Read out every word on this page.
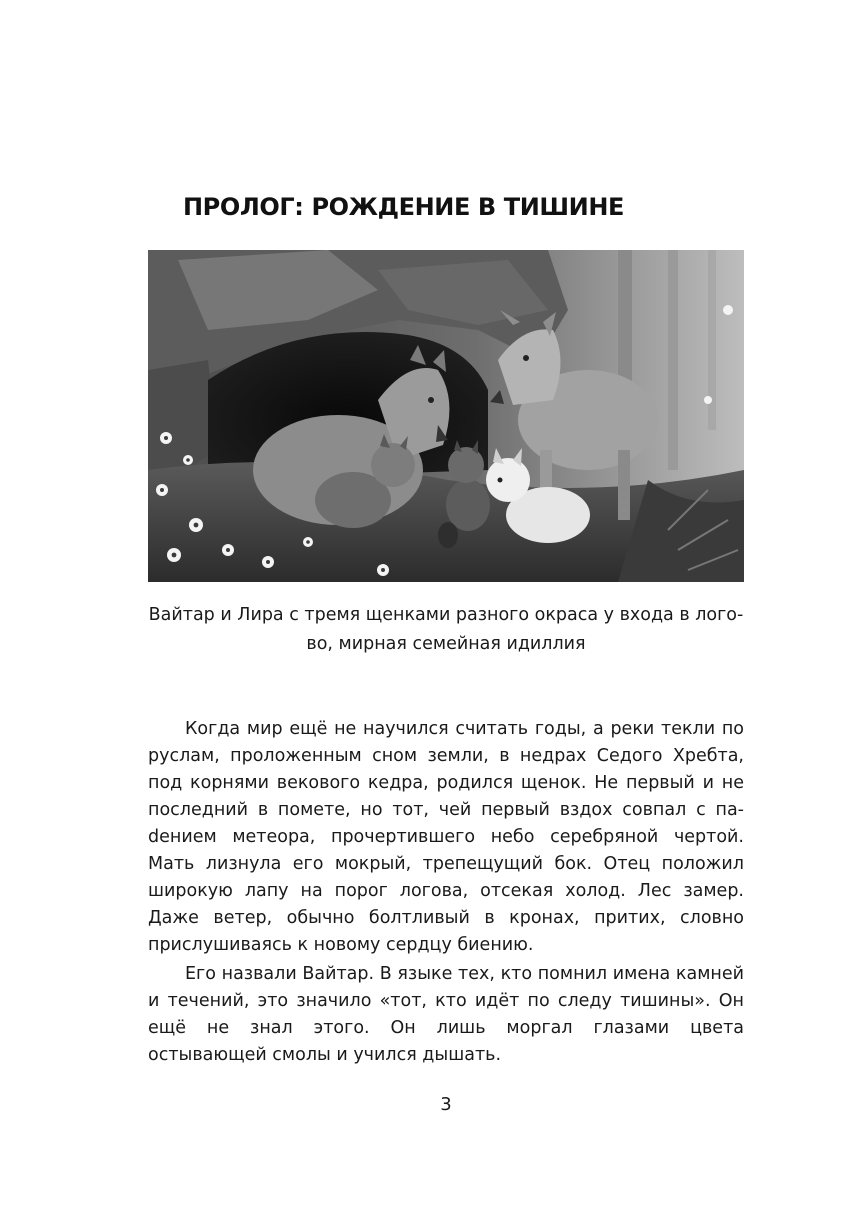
ПРОЛОГ: РОЖДЕНИЕ В ТИШИНЕ

Вайтар и Лира с тремя щенками разного окраса у входа в лого-
во, мирная семейная идиллия

Когда мир ещё не научился считать годы, а реки текли по руслам, проложенным сном земли, в недрах Седого Хребта, под корнями векового кедра, родился щенок. Не первый и не последний в помете, но тот, чей первый вздох совпал с паdением метеора, прочертившего небо серебряной чертой. Мать лизнула его мокрый, трепещущий бок. Отец положил широкую лапу на порог логова, отсекая холод. Лес замер. Даже ветер, обычно болтливый в кронах, притих, словно прислушиваясь к новому сердцу биению.

Его назвали Вайтар. В языке тех, кто помнил имена камней и течений, это значило «тот, кто идёт по следу тишины». Он ещё не знал этого. Он лишь моргал глазами цвета остывающей смолы и учился дышать.

3
